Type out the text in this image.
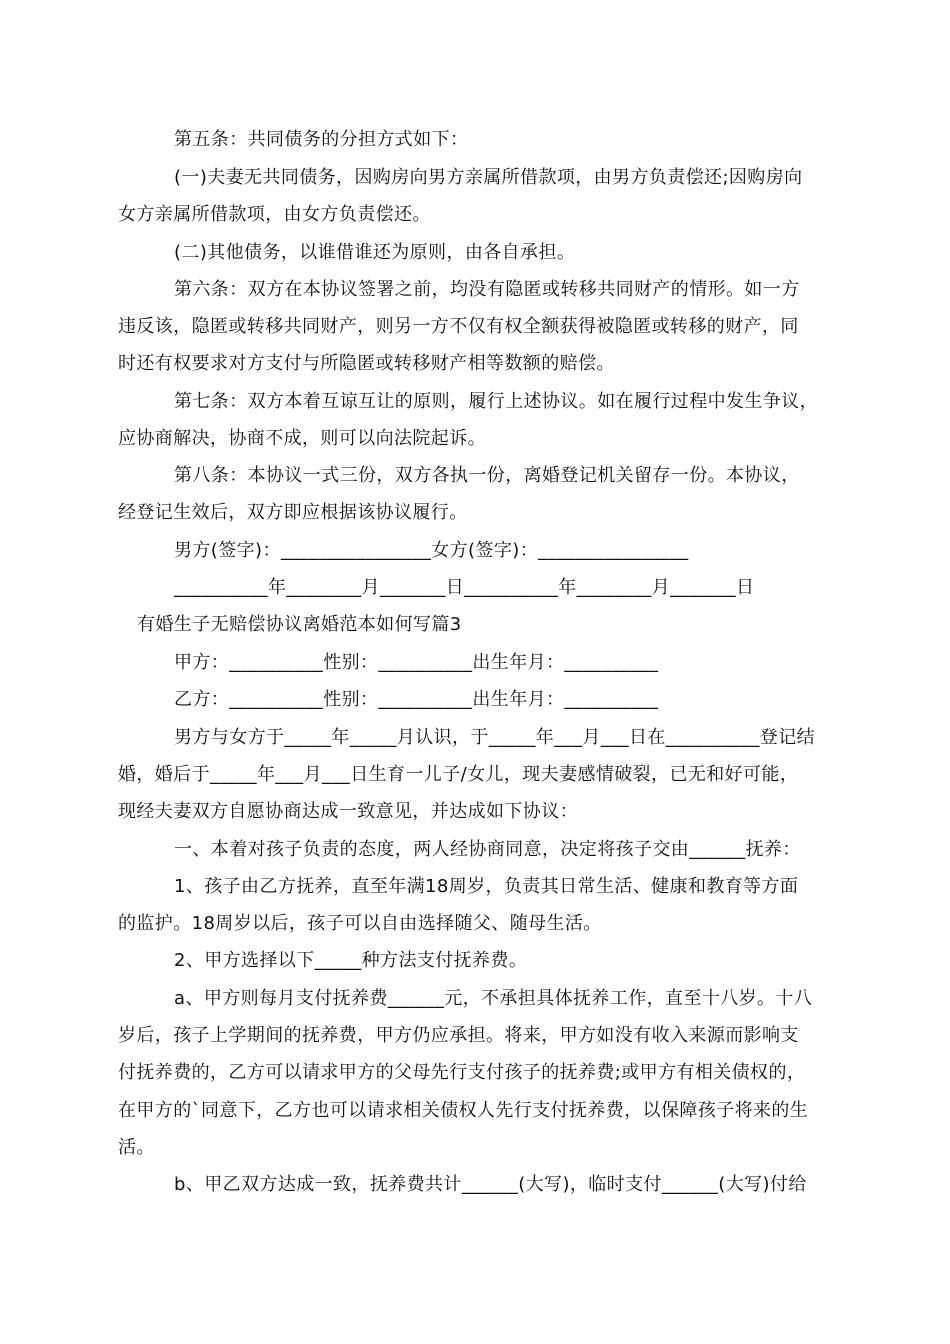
第五条：共同债务的分担方式如下：
(一)夫妻无共同债务，因购房向男方亲属所借款项，由男方负责偿还;因购房向
女方亲属所借款项，由女方负责偿还。
(二)其他债务，以谁借谁还为原则，由各自承担。
第六条：双方在本协议签署之前，均没有隐匿或转移共同财产的情形。如一方
违反该，隐匿或转移共同财产，则另一方不仅有权全额获得被隐匿或转移的财产，同
时还有权要求对方支付与所隐匿或转移财产相等数额的赔偿。
第七条：双方本着互谅互让的原则，履行上述协议。如在履行过程中发生争议，
应协商解决，协商不成，则可以向法院起诉。
第八条：本协议一式三份，双方各执一份，离婚登记机关留存一份。本协议，
经登记生效后，双方即应根据该协议履行。
男方(签字)：________________女方(签字)：________________
__________年________月_______日__________年________月_______日
有婚生子无赔偿协议离婚范本如何写篇3
甲方：__________性别：__________出生年月：__________
乙方：__________性别：__________出生年月：__________
男方与女方于_____年_____月认识，于_____年___月___日在__________登记结
婚，婚后于_____年___月___日生育一儿子/女儿，现夫妻感情破裂，已无和好可能，
现经夫妻双方自愿协商达成一致意见，并达成如下协议：
一、本着对孩子负责的态度，两人经协商同意，决定将孩子交由______抚养：
1、孩子由乙方抚养，直至年满18周岁，负责其日常生活、健康和教育等方面
的监护。18周岁以后，孩子可以自由选择随父、随母生活。
2、甲方选择以下_____种方法支付抚养费。
a、甲方则每月支付抚养费______元，不承担具体抚养工作，直至十八岁。十八
岁后，孩子上学期间的抚养费，甲方仍应承担。将来，甲方如没有收入来源而影响支
付抚养费的，乙方可以请求甲方的父母先行支付孩子的抚养费;或甲方有相关债权的，
在甲方的`同意下，乙方也可以请求相关债权人先行支付抚养费，以保障孩子将来的生
活。
b、甲乙双方达成一致，抚养费共计______(大写)，临时支付______(大写)付给
